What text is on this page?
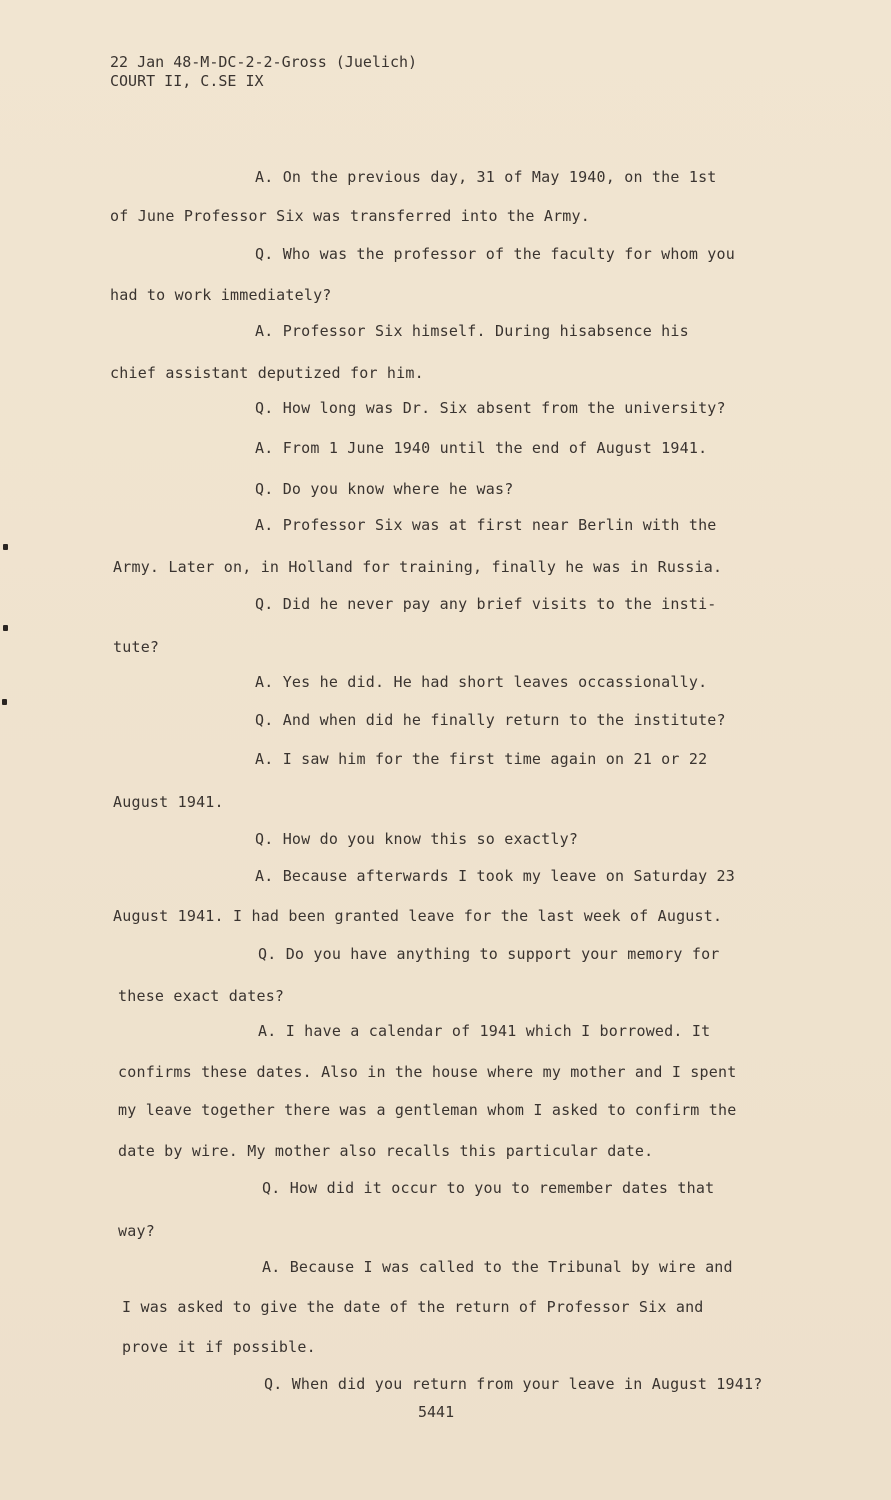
22 Jan 48-M-DC-2-2-Gross (Juelich)
COURT II, C.SE IX
A. On the previous day, 31 of May 1940, on the 1st
of June Professor Six was transferred into the Army.
Q. Who was the professor of the faculty for whom you
had to work immediately?
A. Professor Six himself. During hisabsence his
chief assistant deputized for him.
Q. How long was Dr. Six absent from the university?
A. From 1 June 1940 until the end of August 1941.
Q. Do you know where he was?
A. Professor Six was at first near Berlin with the
Army. Later on, in Holland for training, finally he was in Russia.
Q. Did he never pay any brief visits to the insti-
tute?
A. Yes he did. He had short leaves occassionally.
Q. And when did he finally return to the institute?
A. I saw him for the first time again on 21 or 22
August 1941.
Q. How do you know this so exactly?
A. Because afterwards I took my leave on Saturday 23
August 1941. I had been granted leave for the last week of August.
Q. Do you have anything to support your memory for
these exact dates?
A. I have a calendar of 1941 which I borrowed. It
confirms these dates. Also in the house where my mother and I spent
my leave together there was a gentleman whom I asked to confirm the
date by wire. My mother also recalls this particular date.
Q. How did it occur to you to remember dates that
way?
A. Because I was called to the Tribunal by wire and
I was asked to give the date of the return of Professor Six and
prove it if possible.
Q. When did you return from your leave in August 1941?
5441
